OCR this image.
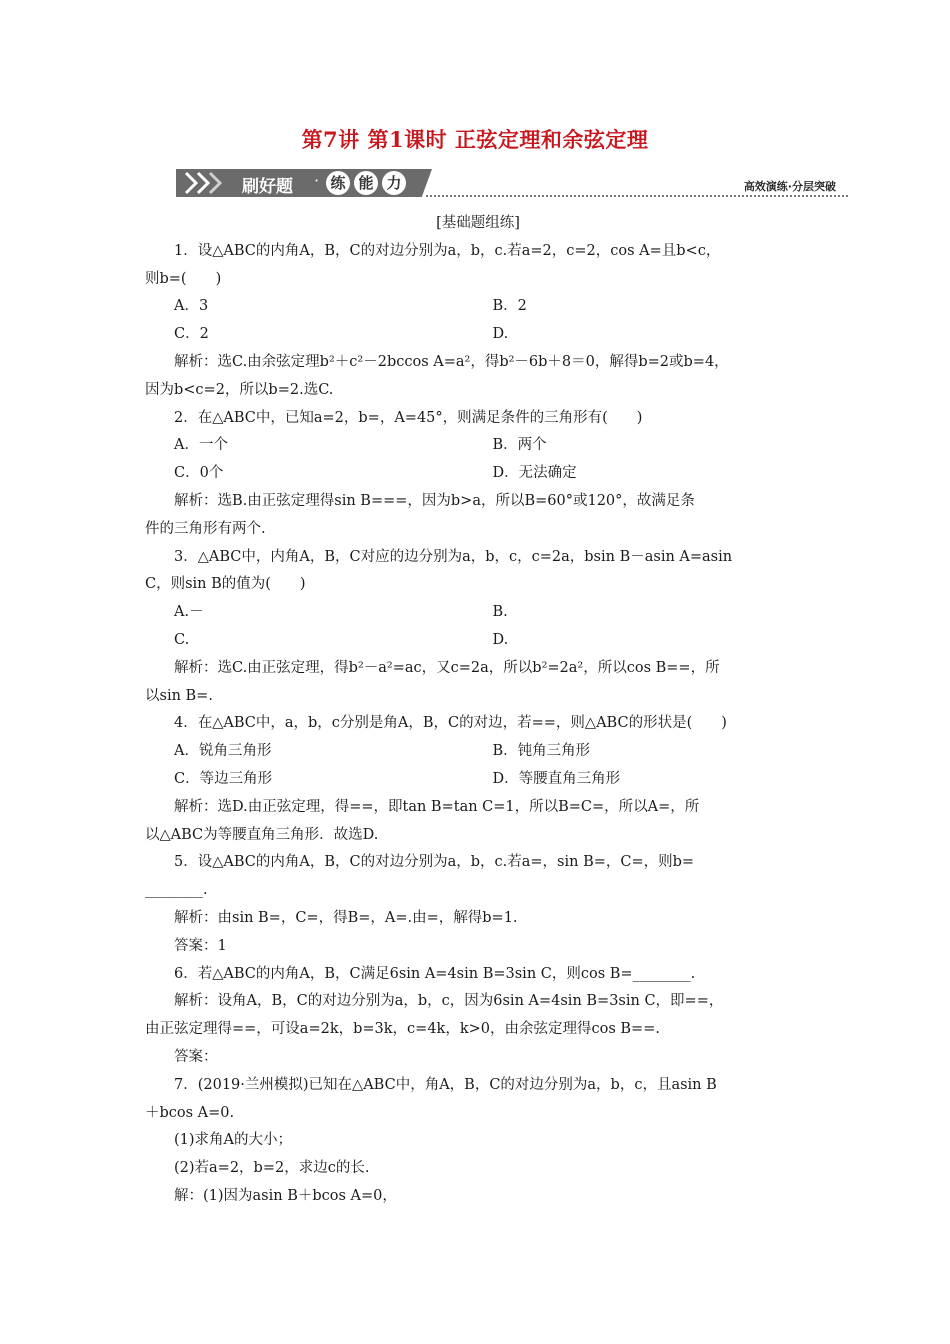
第7讲 第1课时 正弦定理和余弦定理
刷好题 · 练 能 力	高效演练·分层突破
[基础题组练]
1．设△ABC的内角A，B，C的对边分别为a，b，c.若a=2，c=2，cos A=且b<c，
则b=(　　)
A．3	B．2
C．2	D.
解析：选C.由余弦定理b²＋c²－2bccos A=a²，得b²－6b＋8＝0，解得b=2或b=4，
因为b<c=2，所以b=2.选C.
2．在△ABC中，已知a=2，b=，A=45°，则满足条件的三角形有(　　)
A．一个	B．两个
C．0个	D．无法确定
解析：选B.由正弦定理得sin B===，因为b>a，所以B=60°或120°，故满足条
件的三角形有两个.
3．△ABC中，内角A，B，C对应的边分别为a，b，c，c=2a，bsin B－asin A=asin
C，则sin B的值为(　　)
A.－	B.
C.	D.
解析：选C.由正弦定理，得b²－a²=ac，又c=2a，所以b²=2a²，所以cos B==，所
以sin B=.
4．在△ABC中，a，b，c分别是角A，B，C的对边，若==，则△ABC的形状是(　　)
A．锐角三角形	B．钝角三角形
C．等边三角形	D．等腰直角三角形
解析：选D.由正弦定理，得==，即tan B=tan C=1，所以B=C=，所以A=，所
以△ABC为等腰直角三角形．故选D.
5．设△ABC的内角A，B，C的对边分别为a，b，c.若a=，sin B=，C=，则b=
________.
解析：由sin B=，C=，得B=，A=.由=，解得b=1.
答案：1
6．若△ABC的内角A，B，C满足6sin A=4sin B=3sin C，则cos B=________.
解析：设角A，B，C的对边分别为a，b，c，因为6sin A=4sin B=3sin C，即==，
由正弦定理得==，可设a=2k，b=3k，c=4k，k>0，由余弦定理得cos B==.
答案：
7．(2019·兰州模拟)已知在△ABC中，角A，B，C的对边分别为a，b，c，且asin B
＋bcos A=0.
(1)求角A的大小；
(2)若a=2，b=2，求边c的长.
解：(1)因为asin B＋bcos A=0，
